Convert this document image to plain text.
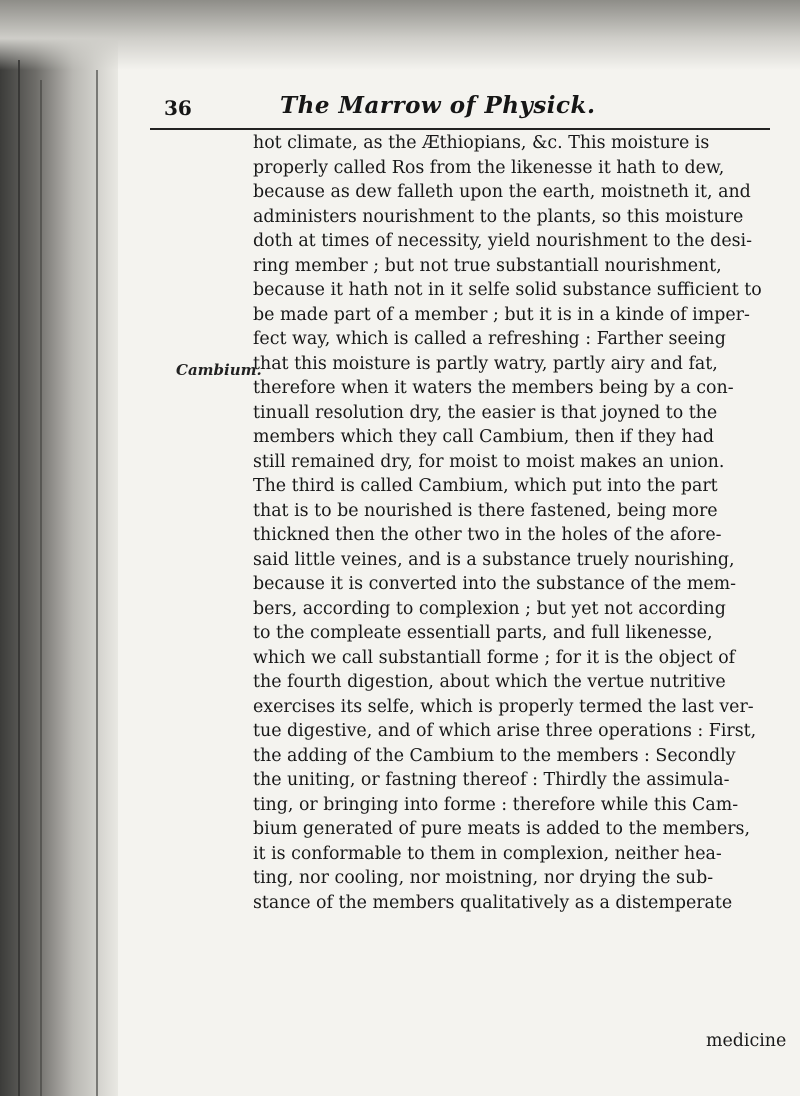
36	The Marrow of Physick.
Cambium.
hot climate, as the Æthiopians, &c. This moisture is
properly called Ros from the likenesse it hath to dew,
because as dew falleth upon the earth, moistneth it, and
administers nourishment to the plants, so this moisture
doth at times of necessity, yield nourishment to the desi-
ring member ; but not true substantiall nourishment,
because it hath not in it selfe solid substance sufficient to
be made part of a member ; but it is in a kinde of imper-
fect way, which is called a refreshing : Farther seeing
that this moisture is partly watry, partly airy and fat,
therefore when it waters the members being by a con-
tinuall resolution dry, the easier is that joyned to the
members which they call Cambium, then if they had
still remained dry, for moist to moist makes an union.
The third is called Cambium, which put into the part
that is to be nourished is there fastened, being more
thickned then the other two in the holes of the afore-
said little veines, and is a substance truely nourishing,
because it is converted into the substance of the mem-
bers, according to complexion ; but yet not according
to the compleate essentiall parts, and full likenesse,
which we call substantiall forme ; for it is the object of
the fourth digestion, about which the vertue nutritive
exercises its selfe, which is properly termed the last ver-
tue digestive, and of which arise three operations : First,
the adding of the Cambium to the members : Secondly
the uniting, or fastning thereof : Thirdly the assimula-
ting, or bringing into forme : therefore while this Cam-
bium generated of pure meats is added to the members,
it is conformable to them in complexion, neither hea-
ting, nor cooling, nor moistning, nor drying the sub-
stance of the members qualitatively as a distemperate
medicine
